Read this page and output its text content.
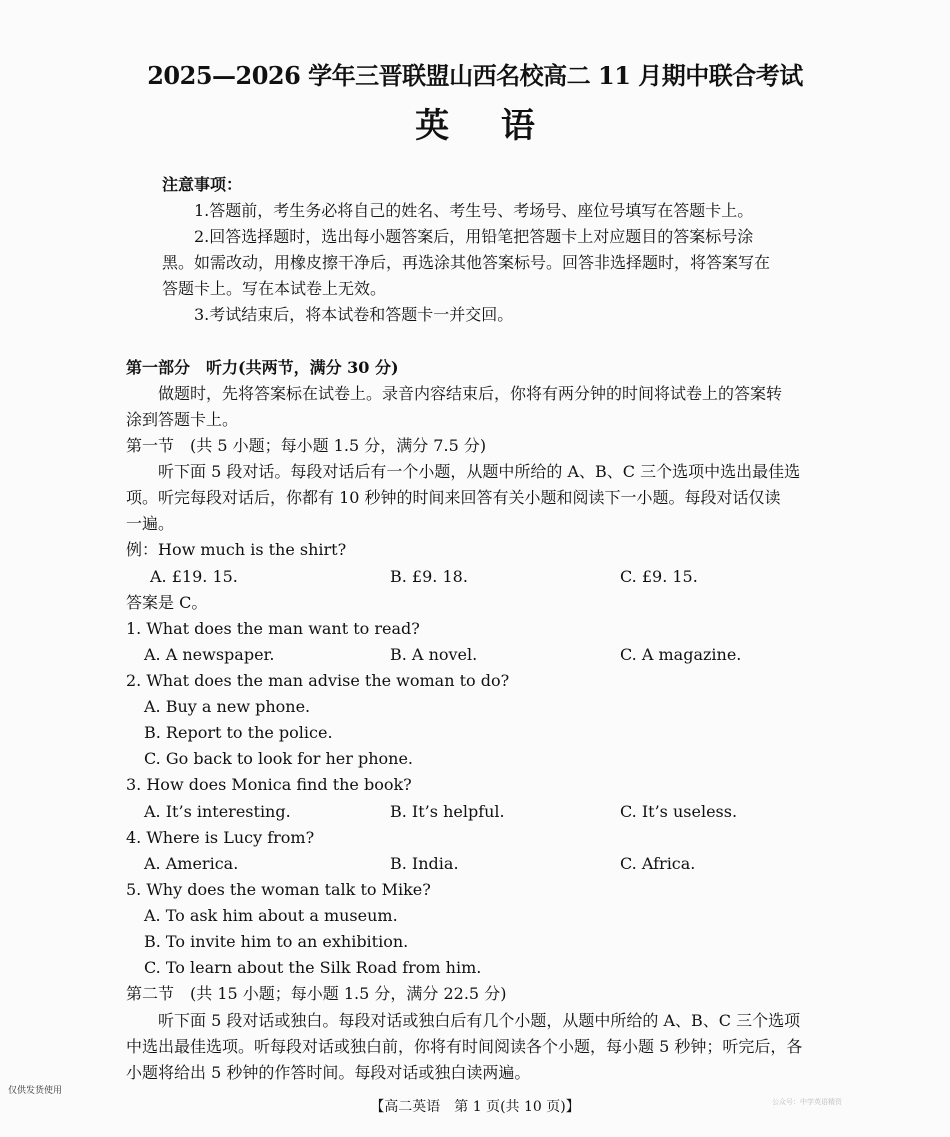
2025—2026 学年三晋联盟山西名校高二 11 月期中联合考试
英 语
注意事项：
1.答题前，考生务必将自己的姓名、考生号、考场号、座位号填写在答题卡上。
2.回答选择题时，选出每小题答案后，用铅笔把答题卡上对应题目的答案标号涂
黑。如需改动，用橡皮擦干净后，再选涂其他答案标号。回答非选择题时，将答案写在
答题卡上。写在本试卷上无效。
3.考试结束后，将本试卷和答题卡一并交回。
第一部分　听力(共两节，满分 30 分)
做题时，先将答案标在试卷上。录音内容结束后，你将有两分钟的时间将试卷上的答案转
涂到答题卡上。
第一节　(共 5 小题；每小题 1.5 分，满分 7.5 分)
听下面 5 段对话。每段对话后有一个小题，从题中所给的 A、B、C 三个选项中选出最佳选
项。听完每段对话后，你都有 10 秒钟的时间来回答有关小题和阅读下一小题。每段对话仅读
一遍。
例：How much is the shirt?
A. £19. 15.	B. £9. 18.	C. £9. 15.
答案是 C。
1. What does the man want to read?
A. A newspaper.	B. A novel.	C. A magazine.
2. What does the man advise the woman to do?
A. Buy a new phone.
B. Report to the police.
C. Go back to look for her phone.
3. How does Monica find the book?
A. It’s interesting.	B. It’s helpful.	C. It’s useless.
4. Where is Lucy from?
A. America.	B. India.	C. Africa.
5. Why does the woman talk to Mike?
A. To ask him about a museum.
B. To invite him to an exhibition.
C. To learn about the Silk Road from him.
第二节　(共 15 小题；每小题 1.5 分，满分 22.5 分)
听下面 5 段对话或独白。每段对话或独白后有几个小题，从题中所给的 A、B、C 三个选项
中选出最佳选项。听每段对话或独白前，你将有时间阅读各个小题，每小题 5 秒钟；听完后，各
小题将给出 5 秒钟的作答时间。每段对话或独白读两遍。
仅供发货使用
公众号：中学英语精资
【高二英语　第 1 页(共 10 页)】
